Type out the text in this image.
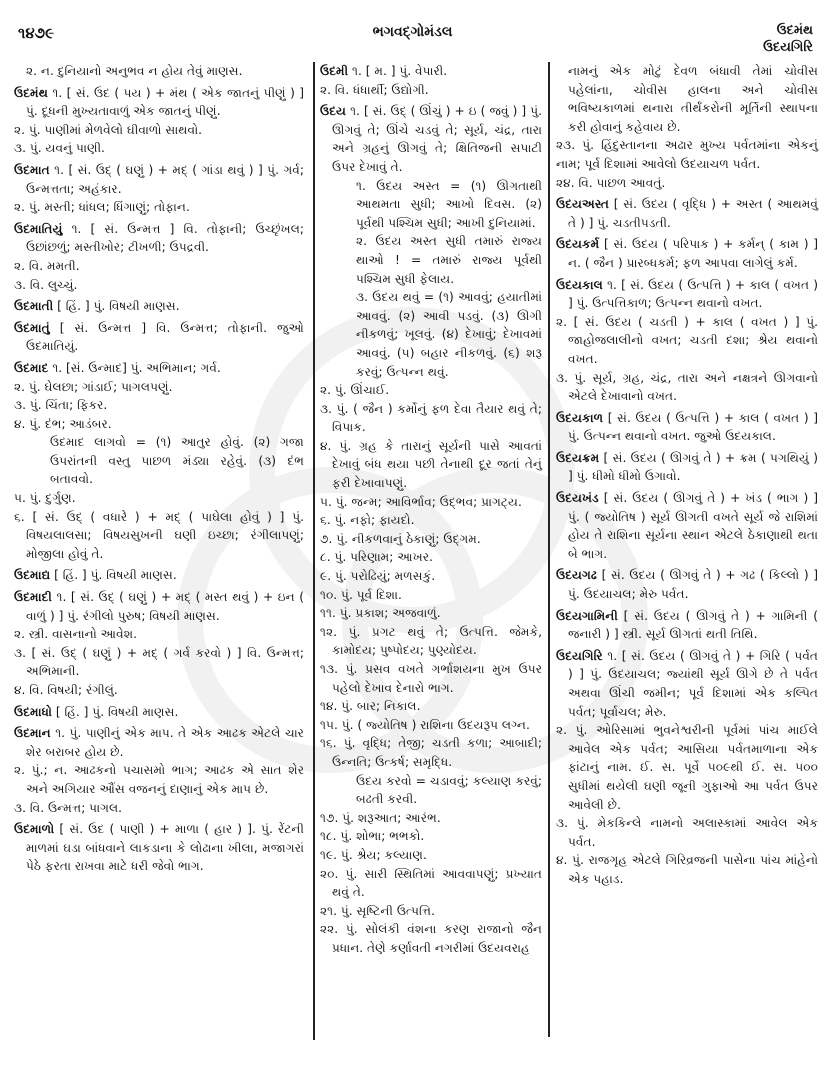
૧૪૭૯	ભગવદ્ગોમંડલ	ઉદમંથ
ઉદયગિરિ
૨. ન. દુનિયાનો અનુભવ ન હોય તેવું માણસ.
ઉદમંથ ૧. [ સં. ઉદ ( પય ) + મંથ ( એક જાતનું પીણું ) ] પું. દૂધની મુખ્યતાવાળું એક જાતનું પીણું.
૨. પું. પાણીમાં મેળવેલો ઘીવાળો સાથવો.
૩. પું. યવનું પાણી.
ઉદમાત ૧. [ સં. ઉદ્ ( ઘણું ) + મદ્ ( ગાંડા થવું ) ] પું. ગર્વ; ઉન્મત્તતા; અહંકાર.
૨. પું. મસ્તી; ધાંધલ; ધિંગાણું; તોફાન.
ઉદમાતિયું ૧. [ સં. ઉન્મત્ત ] વિ. તોફાની; ઉચ્છૃંખલ; ઉછાંછળું; મસ્તીખોર; ટીખળી; ઉપદ્રવી.
૨. વિ. મમતી.
૩. વિ. લુચ્ચું.
ઉદમાતી [ હિં. ] પું. વિષયી માણસ.
ઉદમાતું [ સં. ઉન્મત્ત ] વિ. ઉન્મત્ત; તોફાની. જુઓ ઉદમાતિયું.
ઉદમાદ ૧. [સં. ઉન્માદ] પું. અભિમાન; ગર્વ.
૨. પું. ઘેલછા; ગાંડાઈ; પાગલપણું.
૩. પું. ચિંતા; ફિકર.
૪. પું. દંભ; આડંબર.
ઉદમાદ લાગવો = (૧) આતુર હોવું. (૨) ગજા ઉપરાંતની વસ્તુ પાછળ મંડ્યા રહેવું. (૩) દંભ બતાવવો.
૫. પું. દુર્ગુણ.
૬. [ સં. ઉદ્ ( વધારે ) + મદ્ ( પાઘેલા હોવું ) ] પું. વિષયલાલસા; વિષયસુખની ઘણી ઇચ્છા; રંગીલાપણું; મોજીલા હોવું તે.
ઉદમાદ્ય [ હિં. ] પું. વિષયી માણસ.
ઉદમાદી ૧. [ સં. ઉદ્ ( ઘણું ) + મદ્ ( મસ્ત થવું ) + ઇન ( વાળું ) ] પું. રંગીલો પુરુષ; વિષયી માણસ.
૨. સ્ત્રી. વાસનાનો આવેશ.
૩. [ સં. ઉદ્ ( ઘણું ) + મદ્ ( ગર્વ કરવો ) ] વિ. ઉન્મત્ત; અભિમાની.
૪. વિ. વિષયી; રંગીલું.
ઉદમાધો [ હિં. ] પું. વિષયી માણસ.
ઉદમાન ૧. પું. પાણીનું એક માપ. તે એક આઢક એટલે ચાર શેર બરાબર હોય છે.
૨. પું.; ન. આઢકનો પચાસમો ભાગ; આઢક એ સાત શેર અને અગિયાર ઔંસ વજનનું દાણાનું એક માપ છે.
૩. વિ. ઉન્મત્ત; પાગલ.
ઉદમાળો [ સં. ઉદ ( પાણી ) + માળા ( હાર ) ]. પું. રેંટની માળમાં ઘડા બાંધવાને લાકડાના કે લોઢાના ખીલા, મજાગરાં પેઠે ફરતા રાખવા માટે ધરી જેવો ભાગ.
ઉદમી ૧. [ મ. ] પું. વેપારી.
૨. વિ. ધંધાર્થી; ઉદ્યોગી.
ઉદય ૧. [ સં. ઉદ્ ( ઊંચું ) + ઇ ( જવું ) ] પું. ઊગવું તે; ઊંચે ચડવું તે; સૂર્ય, ચંદ્ર, તારા અને ગ્રહનું ઊગવું તે; ક્ષિતિજની સપાટી ઉપર દેખાવું તે.
૧. ઉદય અસ્ત = (૧) ઊગતાથી આથમતા સુધી; આખો દિવસ. (૨) પૂર્વથી પશ્ચિમ સુધી; આખી દુનિયામાં.
૨. ઉદય અસ્ત સુધી તમારું રાજ્ય થાઓ ! = તમારું રાજ્ય પૂર્વથી પશ્ચિમ સુધી ફેલાય.
૩. ઉદય થવું = (૧) આવવું; હયાતીમાં આવવું. (૨) આવી પડવું. (૩) ઊગી નીકળવું; ખૂલવું. (૪) દેખાવું; દેખાવમાં આવવું. (૫) બહાર નીકળવું. (૬) શરૂ કરવું; ઉત્પન્ન થવું.
૨. પું. ઊંચાઈ.
૩. પું. ( જૈન ) કર્મોનું ફળ દેવા તૈયાર થવું તે; વિપાક.
૪. પું. ગ્રહ કે તારાનું સૂર્યની પાસે આવતાં દેખાવું બંધ થયા પછી તેનાથી દૂર જતાં તેનું ફરી દેખાવાપણું.
૫. પું. જન્મ; આવિર્ભાવ; ઉદ્ભવ; પ્રાગટ્ય.
૬. પું. નફો; ફાયદો.
૭. પું. નીકળવાનું ઠેકાણું; ઉદ્ગમ.
૮. પું. પરિણામ; આખર.
૯. પું. પરોઢિયું; મળસકું.
૧૦. પું. પૂર્વ દિશા.
૧૧. પું. પ્રકાશ; અજવાળું.
૧૨. પું. પ્રગટ થવું તે; ઉત્પત્તિ. જેમકે, કામોદય; પુષ્પોદય; પુણ્યોદય.
૧૩. પું. પ્રસવ વખતે ગર્ભાશયના મુખ ઉપર પહેલો દેખાવ દેનારો ભાગ.
૧૪. પું. બાર; નિકાલ.
૧૫. પું. ( જ્યોતિષ ) રાશિના ઉદયરૂપ લગ્ન.
૧૬. પું. વૃદ્ધિ; તેજી; ચડતી કળા; આબાદી; ઉન્નતિ; ઉત્કર્ષ; સમૃદ્ધિ.
ઉદય કરવો = ચડાવવું; કલ્યાણ કરવું; બઢતી કરવી.
૧૭. પું. શરૂઆત; આરંભ.
૧૮. પું. શોભા; ભભકો.
૧૯. પું. શ્રેય; કલ્યાણ.
૨૦. પું. સારી સ્થિતિમાં આવવાપણું; પ્રખ્યાત થવું તે.
૨૧. પું. સૃષ્ટિની ઉત્પત્તિ.
૨૨. પું. સોલંકી વંશના કરણ રાજાનો જૈન પ્રધાન. તેણે કર્ણાવતી નગરીમાં ઉદયવરાહ
નામનું એક મોટું દેવળ બંધાવી તેમાં ચોવીસ પહેલાંના, ચોવીસ હાલના અને ચોવીસ ભવિષ્યકાળમાં થનારા તીર્થંકરોની મૂર્તિની સ્થાપના કરી હોવાનું કહેવાય છે.
૨૩. પું. હિંદુસ્તાનના અઢાર મુખ્ય પર્વતમાંના એકનું નામ; પૂર્વ દિશામાં આવેલો ઉદયાચળ પર્વત.
૨૪. વિ. પાછળ આવતું.
ઉદયઅસ્ત [ સં. ઉદય ( વૃદ્ધિ ) + અસ્ત ( આથમવું તે ) ] પું. ચડતીપડતી.
ઉદયકર્મ [ સં. ઉદય ( પરિપાક ) + કર્મન્ ( કામ ) ] ન. ( જૈન ) પ્રારબ્ધકર્મ; ફળ આપવા લાગેલું કર્મ.
ઉદયકાલ ૧. [ સં. ઉદય ( ઉત્પત્તિ ) + કાલ ( વખત ) ] પું. ઉત્પત્તિકાળ; ઉત્પન્ન થવાનો વખત.
૨. [ સં. ઉદય ( ચડતી ) + કાલ ( વખત ) ] પું. જાહોજલાલીનો વખત; ચડતી દશા; શ્રેય થવાનો વખત.
૩. પું. સૂર્ય, ગ્રહ, ચંદ્ર, તારા અને નક્ષત્રને ઊગવાનો એટલે દેખાવાનો વખત.
ઉદયકાળ [ સં. ઉદય ( ઉત્પત્તિ ) + કાલ ( વખત ) ] પું. ઉત્પન્ન થવાનો વખત. જુઓ ઉદયકાલ.
ઉદયક્રમ [ સં. ઉદય ( ઊગવું તે ) + ક્રમ ( પગથિયું ) ] પું. ધીમો ધીમો ઉગાવો.
ઉદયખંડ [ સં. ઉદય ( ઊગવું તે ) + ખંડ ( ભાગ ) ] પું. ( જ્યોતિષ ) સૂર્ય ઊગતી વખતે સૂર્ય જે રાશિમાં હોય તે રાશિના સૂર્યના સ્થાન એટલે ઠેકાણાથી થતા બે ભાગ.
ઉદયગઢ [ સં. ઉદય ( ઊગવું તે ) + ગઢ ( કિલ્લો ) ] પું. ઉદયાચલ; મેરુ પર્વત.
ઉદયગામિની [ સં. ઉદય ( ઊગવું તે ) + ગામિની ( જનારી ) ] સ્ત્રી. સૂર્ય ઊગતાં થતી તિથિ.
ઉદયગિરિ ૧. [ સં. ઉદય ( ઊગવું તે ) + ગિરિ ( પર્વત ) ] પું. ઉદયાચલ; જ્યાંથી સૂર્ય ઊગે છે તે પર્વત અથવા ઊંચી જમીન; પૂર્વ દિશામાં એક કલ્પિત પર્વત; પૂર્વાચલ; મેરુ.
૨. પું. ઓરિસામાં ભુવનેશ્વરીની પૂર્વમાં પાંચ માઈલે આવેલ એક પર્વત; આસિયા પર્વતમાળાના એક ફાંટાનું નામ. ઈ. સ. પૂર્વે ૫૦૯થી ઈ. સ. ૫૦૦ સુધીમાં થયેલી ઘણી જૂની ગુફાઓ આ પર્વત ઉપર આવેલી છે.
૩. પું. મેકકિન્લે નામનો અલાસ્કામાં આવેલ એક પર્વત.
૪. પું. રાજગૃહ એટલે ગિરિવ્રજની પાસેના પાંચ માંહેનો એક પહાડ.
